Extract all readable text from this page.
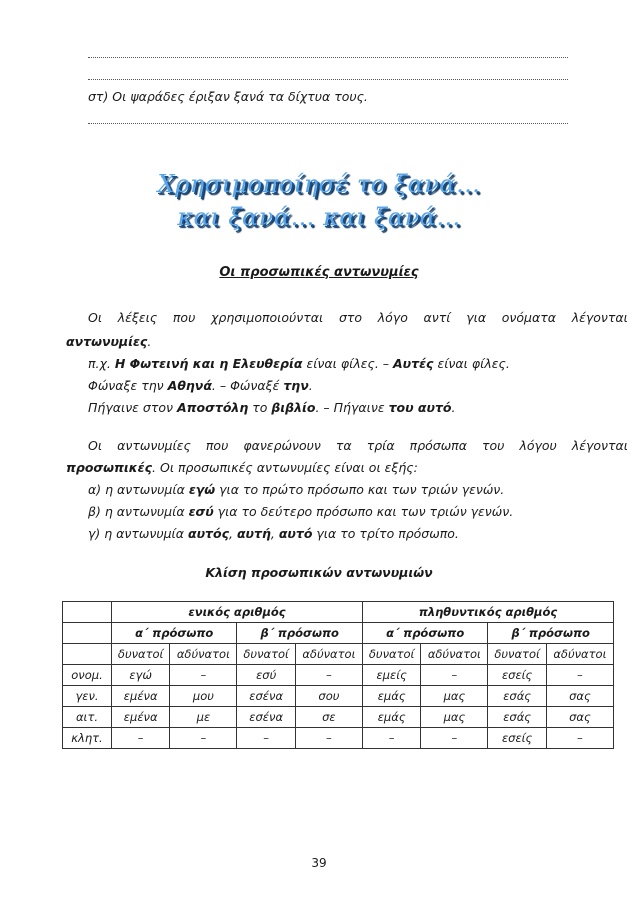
στ) Οι ψαράδες έριξαν ξανά τα δίχτυα τους.
Χρησιμοποίησέ το ξανά…
και ξανά… και ξανά…
Οι προσωπικές αντωνυμίες
Οι λέξεις που χρησιμοποιούνται στο λόγο αντί για ονόματα λέγονται
αντωνυμίες.
π.χ. Η Φωτεινή και η Ελευθερία είναι φίλες. – Αυτές είναι φίλες.
Φώναξε την Αθηνά. – Φώναξέ την.
Πήγαινε στον Αποστόλη το βιβλίο. – Πήγαινε του αυτό.
Οι αντωνυμίες που φανερώνουν τα τρία πρόσωπα του λόγου λέγονται
προσωπικές. Οι προσωπικές αντωνυμίες είναι οι εξής:
α) η αντωνυμία εγώ για το πρώτο πρόσωπο και των τριών γενών.
β) η αντωνυμία εσύ για το δεύτερο πρόσωπο και των τριών γενών.
γ) η αντωνυμία αυτός, αυτή, αυτό για το τρίτο πρόσωπο.
Κλίση προσωπικών αντωνυμιών
	ενικός αριθμός				πληθυντικός αριθμός			
	α΄ πρόσωπο		β΄ πρόσωπο		α΄ πρόσωπο		β΄ πρόσωπο	
	δυνατοί	αδύνατοι	δυνατοί	αδύνατοι	δυνατοί	αδύνατοι	δυνατοί	αδύνατοι
ονομ.	εγώ	–	εσύ	–	εμείς	–	εσείς	–
γεν.	εμένα	μου	εσένα	σου	εμάς	μας	εσάς	σας
αιτ.	εμένα	με	εσένα	σε	εμάς	μας	εσάς	σας
κλητ.	–	–	–	–	–	–	εσείς	–
39
